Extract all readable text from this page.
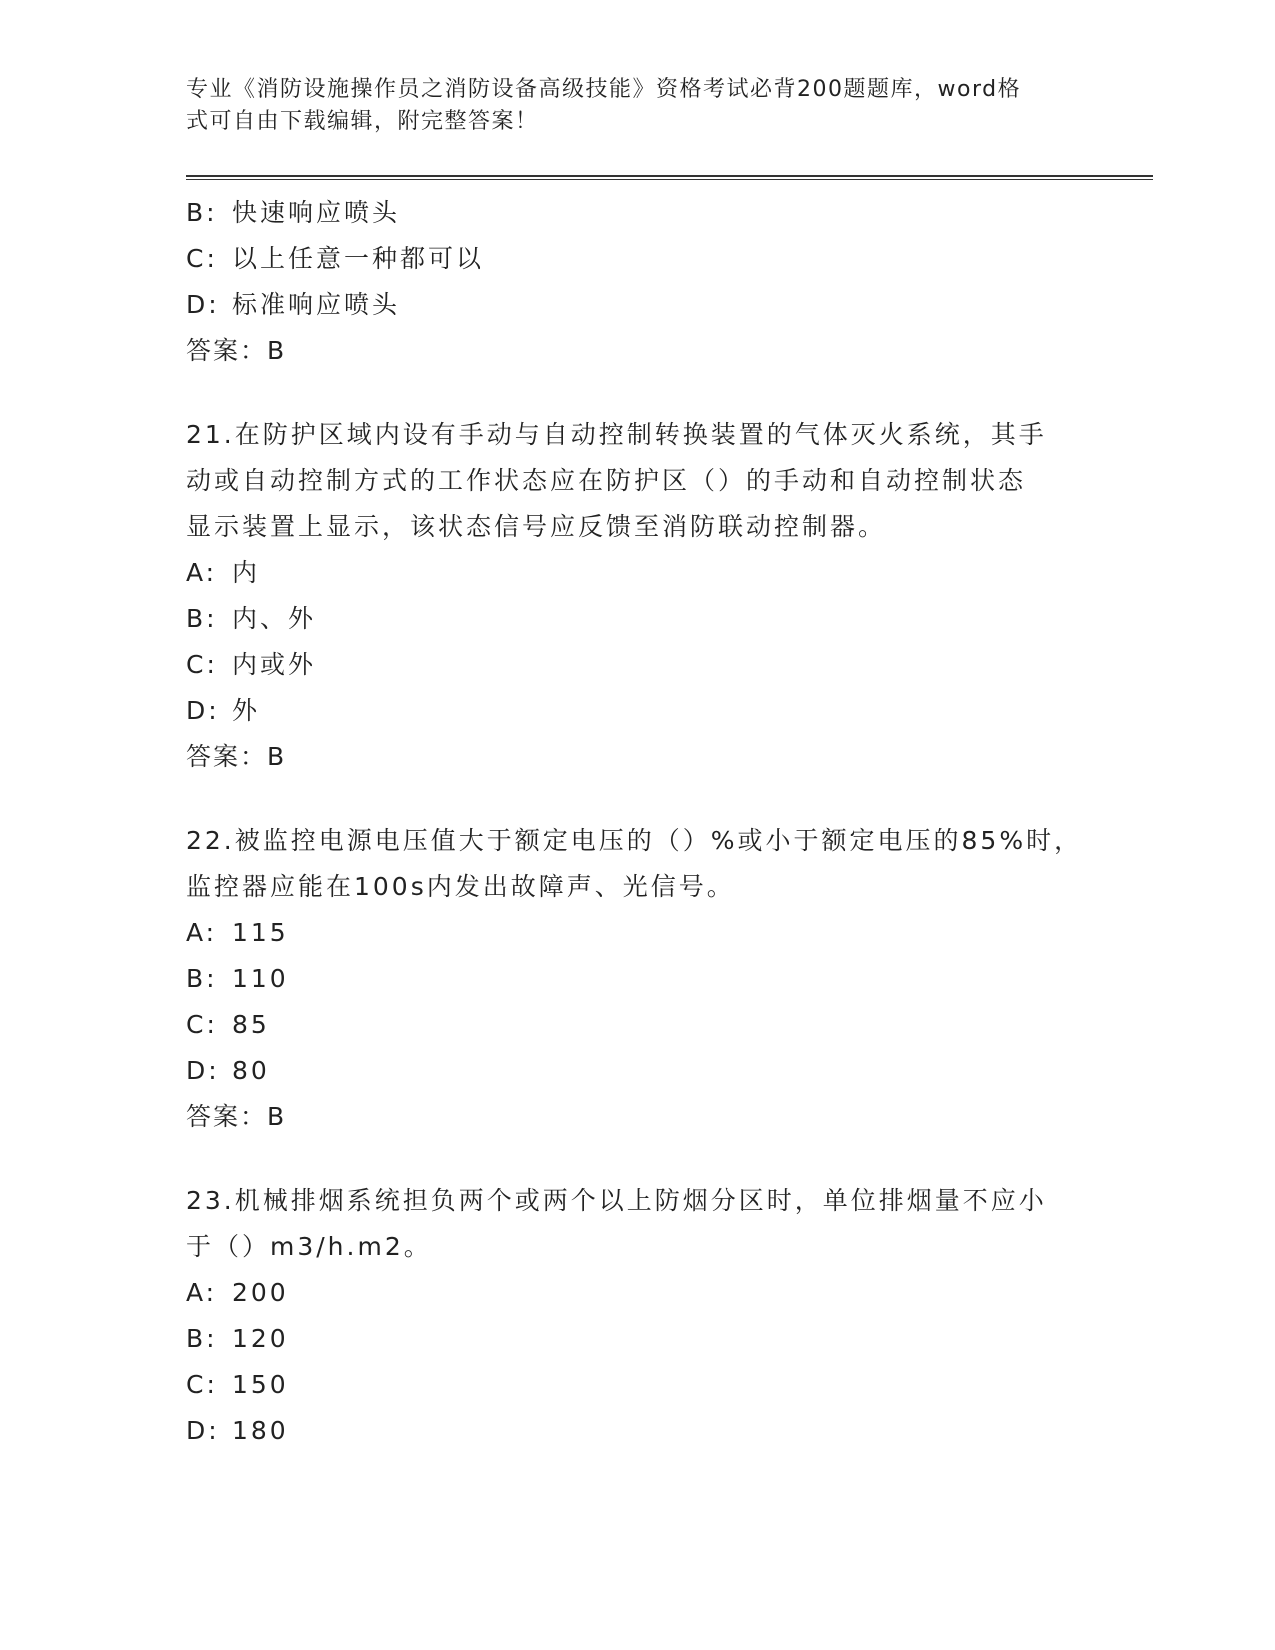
专业《消防设施操作员之消防设备高级技能》资格考试必背200题题库，word格
式可自由下载编辑，附完整答案！
B: 快速响应喷头
C: 以上任意一种都可以
D: 标准响应喷头
答案：B
21.在防护区域内设有手动与自动控制转换装置的气体灭火系统，其手
动或自动控制方式的工作状态应在防护区（）的手动和自动控制状态
显示装置上显示，该状态信号应反馈至消防联动控制器。
A: 内
B: 内、外
C: 内或外
D: 外
答案：B
22.被监控电源电压值大于额定电压的（）%或小于额定电压的85%时，
监控器应能在100s内发出故障声、光信号。
A: 115
B: 110
C: 85
D: 80
答案：B
23.机械排烟系统担负两个或两个以上防烟分区时，单位排烟量不应小
于（）m3/h.m2。
A: 200
B: 120
C: 150
D: 180
